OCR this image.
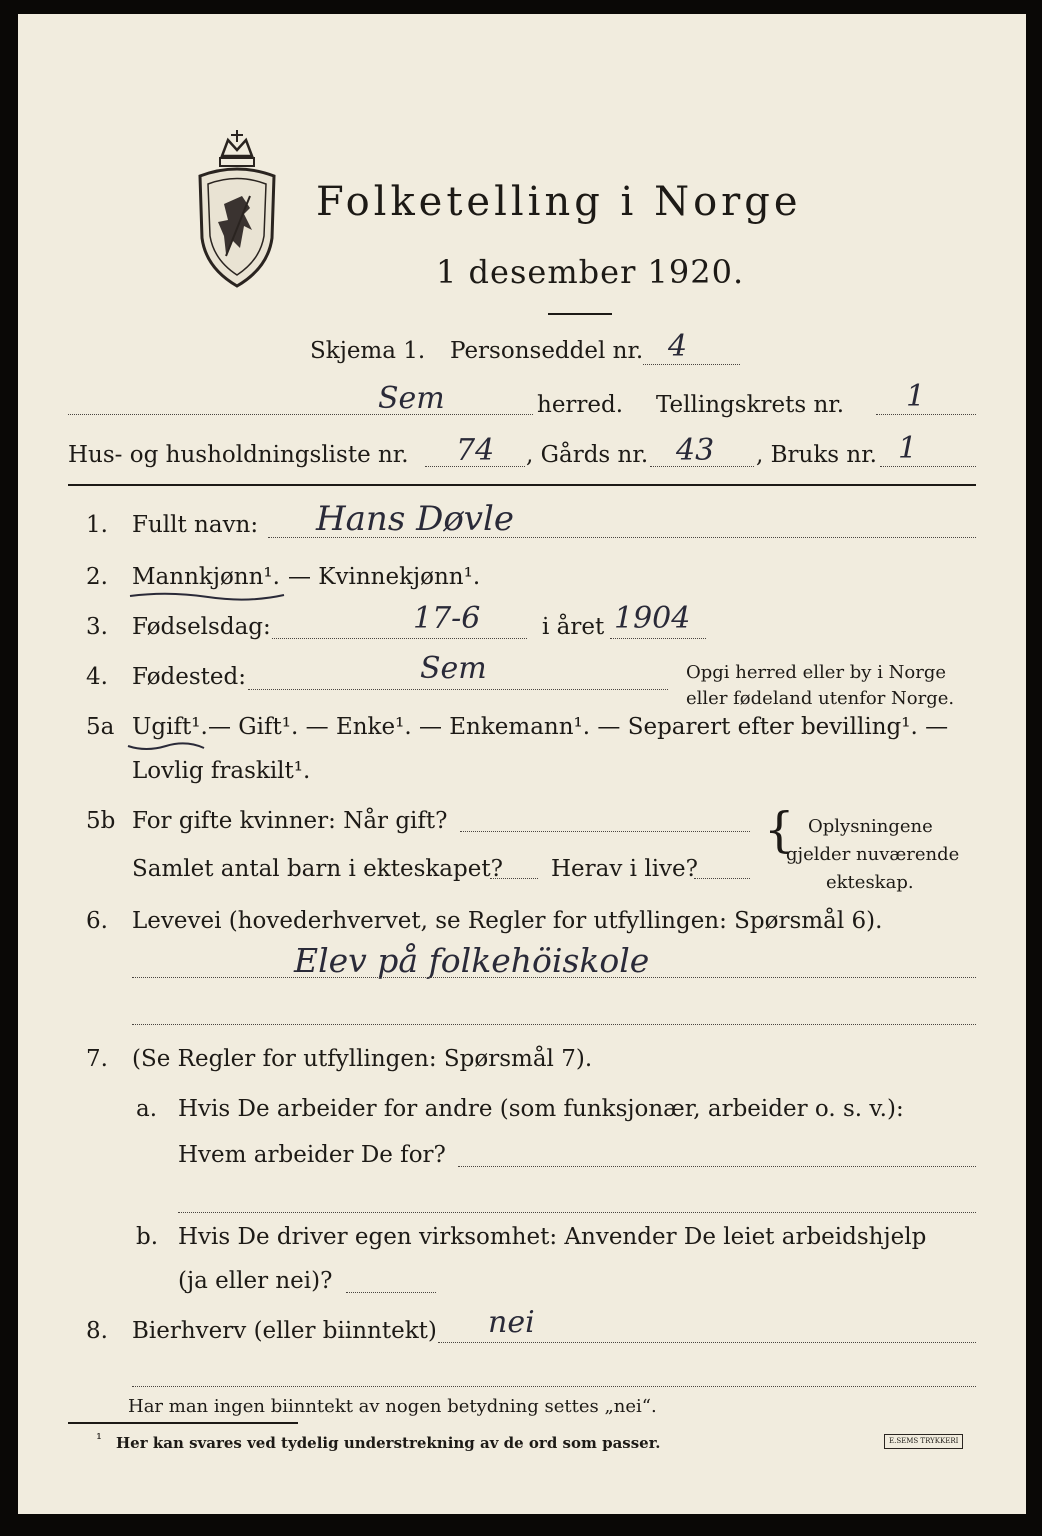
Folketelling i Norge
1 desember 1920.
Skjema 1. Personseddel nr. 4
Sem	herred. Tellingskrets nr. 1
Hus- og husholdningsliste nr. 74 , Gårds nr. 43 , Bruks nr. 1
1. Fullt navn: Hans Døvle
2. Mannkjønn¹. — Kvinnekjønn¹.
3. Fødselsdag:	17-6	i året 1904
4. Fødested:	Sem	Opgi herred eller by i Norge
eller fødeland utenfor Norge.
5a Ugift¹. — Gift¹. — Enke¹. — Enkemann¹. — Separert efter bevilling¹. —
Lovlig fraskilt¹.
5b For gifte kvinner: Når gift?
Samlet antal barn i ekteskapet? Herav i live?
{ Oplysningene
gjelder nuværende
ekteskap.
6. Levevei (hovederhvervet, se Regler for utfyllingen: Spørsmål 6).
Elev på folkehöiskole
7. (Se Regler for utfyllingen: Spørsmål 7).
a. Hvis De arbeider for andre (som funksjonær, arbeider o. s. v.):
Hvem arbeider De for?
b. Hvis De driver egen virksomhet: Anvender De leiet arbeidshjelp
(ja eller nei)?
8. Bierhverv (eller biinntekt) nei
Har man ingen biinntekt av nogen betydning settes „nei“.
¹ Her kan svares ved tydelig understrekning av de ord som passer.	E.SEMS TRYKKERI
